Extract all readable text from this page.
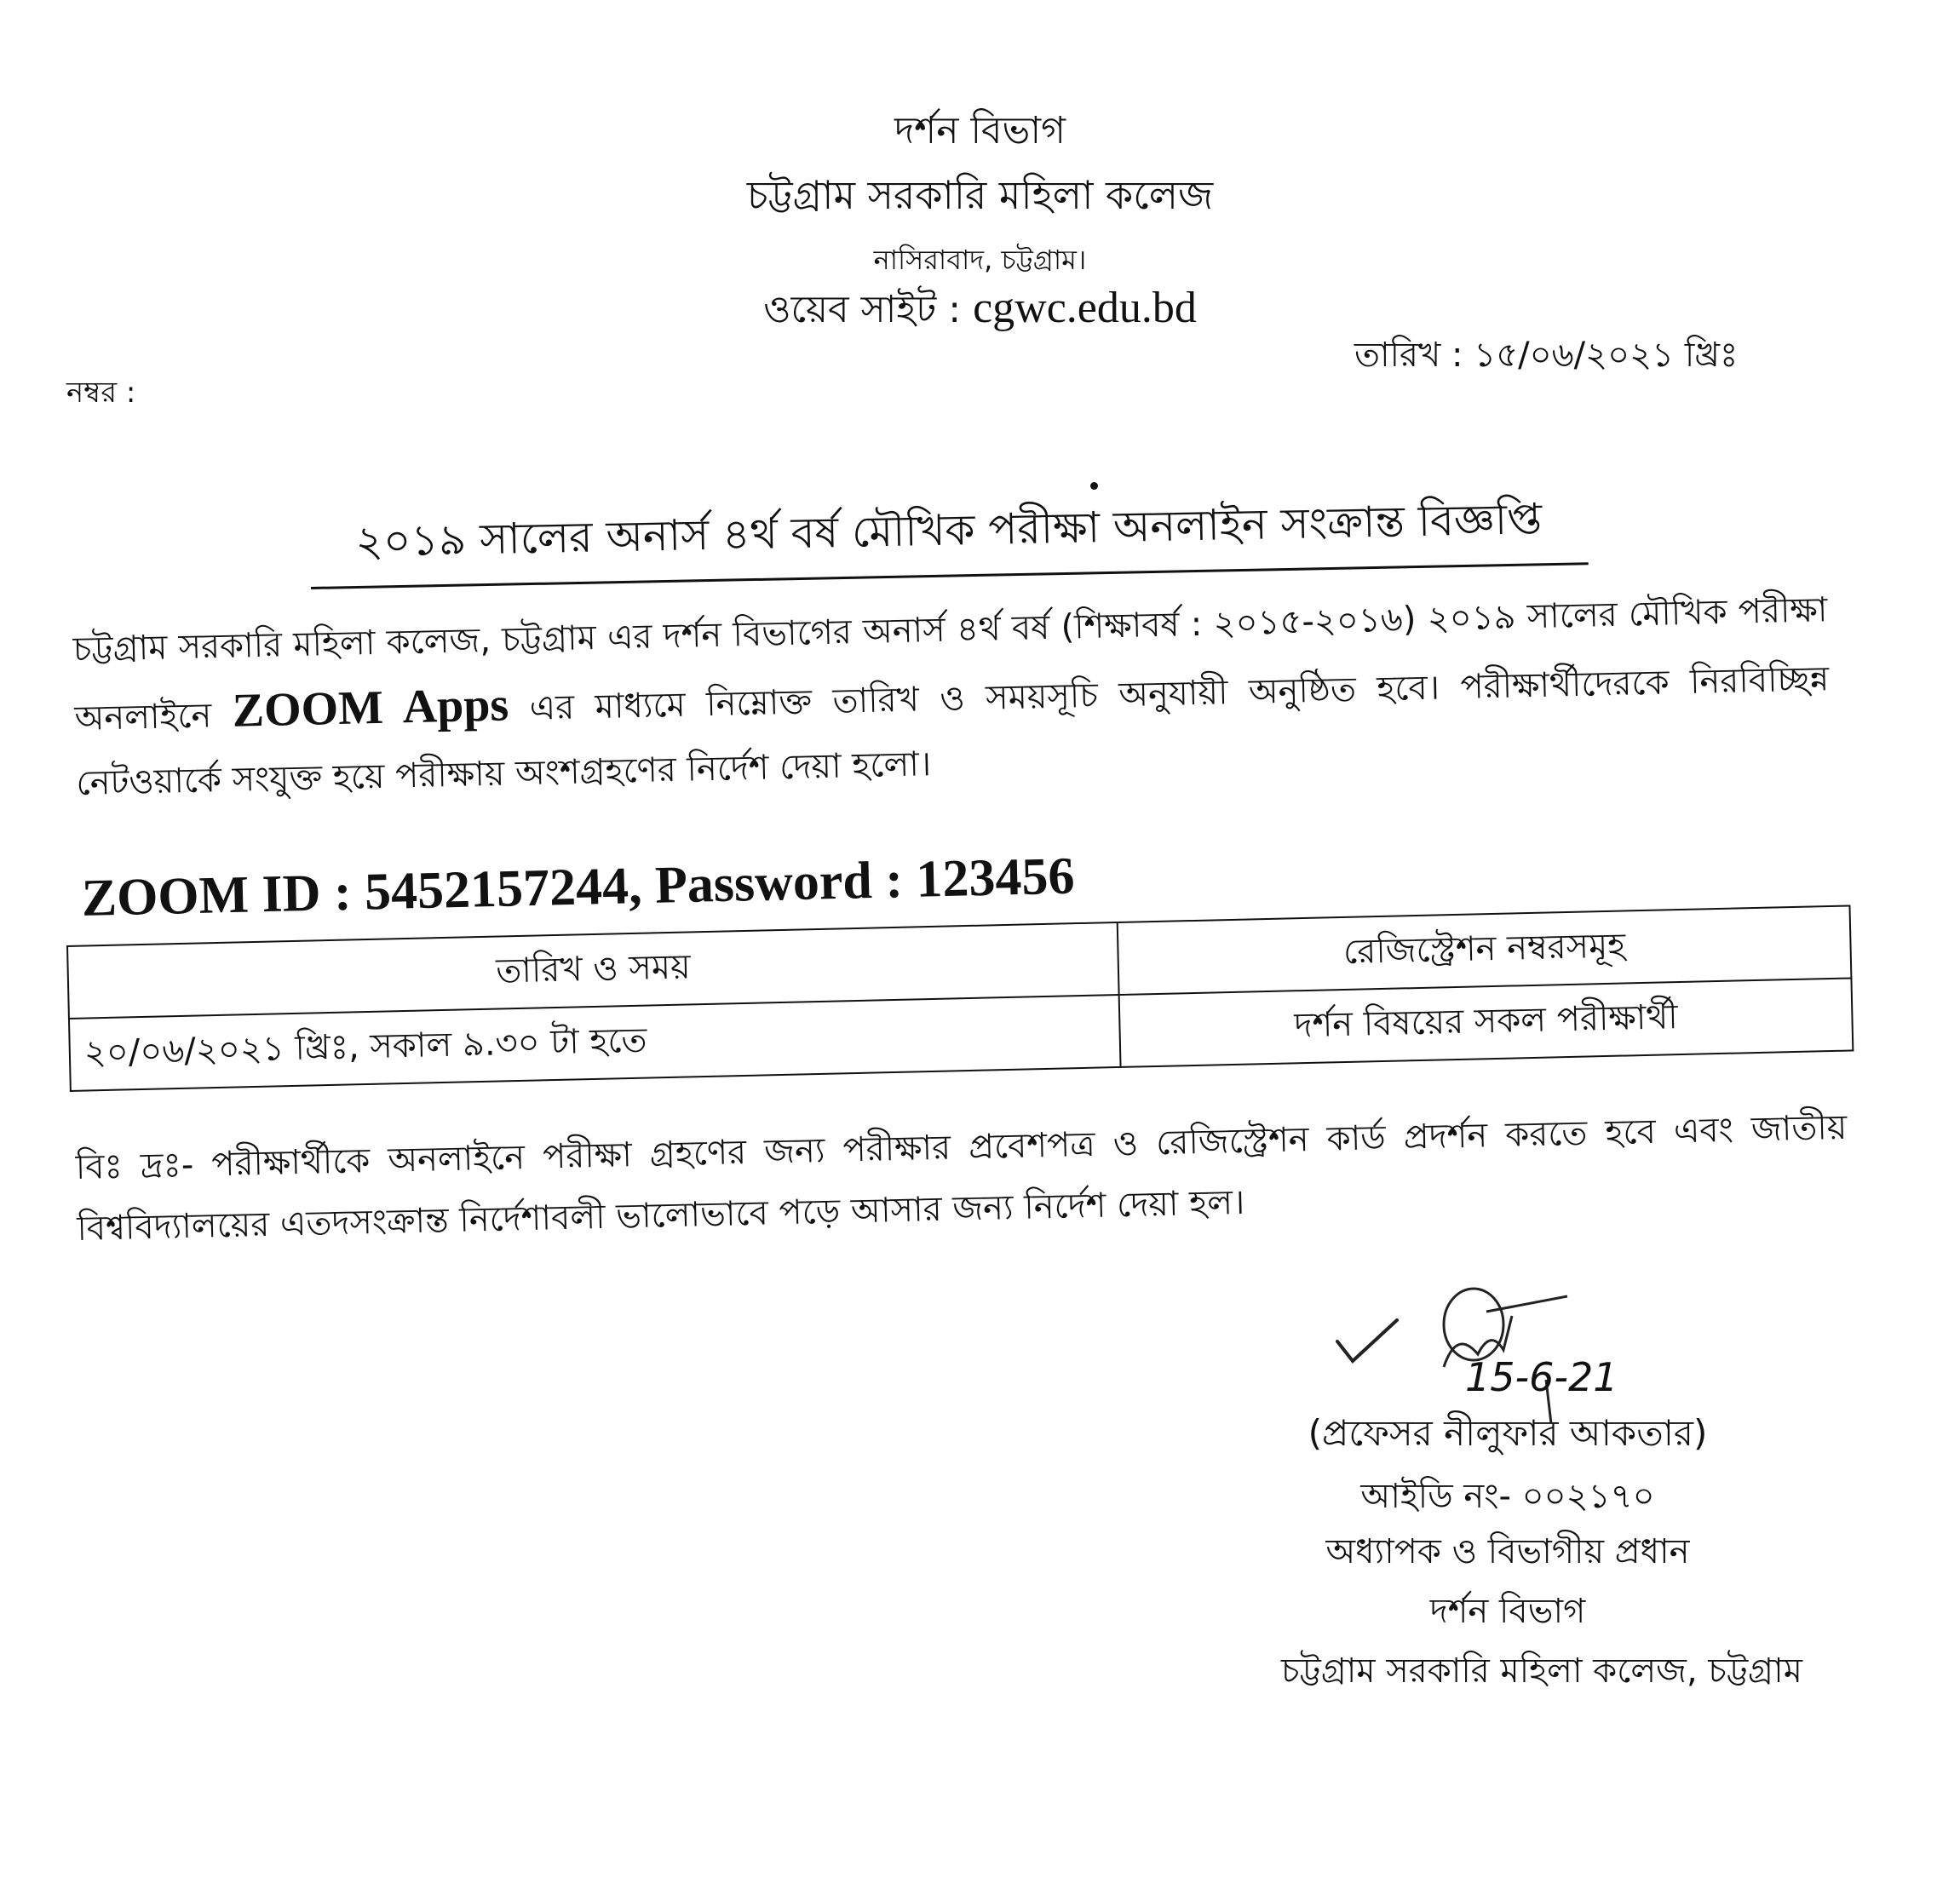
দর্শন বিভাগ
চট্টগ্রাম সরকারি মহিলা কলেজ
নাসিরাবাদ, চট্টগ্রাম।
ওয়েব সাইট : cgwc.edu.bd
তারিখ : ১৫/০৬/২০২১ খ্রিঃ
নম্বর :
২০১৯ সালের অনার্স ৪র্থ বর্ষ মৌখিক পরীক্ষা অনলাইন সংক্রান্ত বিজ্ঞপ্তি
চট্টগ্রাম সরকারি মহিলা কলেজ, চট্টগ্রাম এর দর্শন বিভাগের অনার্স ৪র্থ বর্ষ (শিক্ষাবর্ষ : ২০১৫-২০১৬) ২০১৯ সালের মৌখিক পরীক্ষা অনলাইনে ZOOM Apps এর মাধ্যমে নিম্নোক্ত তারিখ ও সময়সূচি অনুযায়ী অনুষ্ঠিত হবে। পরীক্ষার্থীদেরকে নিরবিচ্ছিন্ন নেটওয়ার্কে সংযুক্ত হয়ে পরীক্ষায় অংশগ্রহণের নির্দেশ দেয়া হলো।
ZOOM ID : 5452157244, Password : 123456
তারিখ ও সময়	রেজিস্ট্রেশন নম্বরসমূহ
২০/০৬/২০২১ খ্রিঃ, সকাল ৯.৩০ টা হতে	দর্শন বিষয়ের সকল পরীক্ষার্থী
বিঃ দ্রঃ- পরীক্ষার্থীকে অনলাইনে পরীক্ষা গ্রহণের জন্য পরীক্ষার প্রবেশপত্র ও রেজিস্ট্রেশন কার্ড প্রদর্শন করতে হবে এবং জাতীয় বিশ্ববিদ্যালয়ের এতদসংক্রান্ত নির্দেশাবলী ভালোভাবে পড়ে আসার জন্য নির্দেশ দেয়া হল।
15-6-21
(প্রফেসর নীলুফার আকতার)
আইডি নং- ০০২১৭০
অধ্যাপক ও বিভাগীয় প্রধান
দর্শন বিভাগ
চট্টগ্রাম সরকারি মহিলা কলেজ, চট্টগ্রাম
